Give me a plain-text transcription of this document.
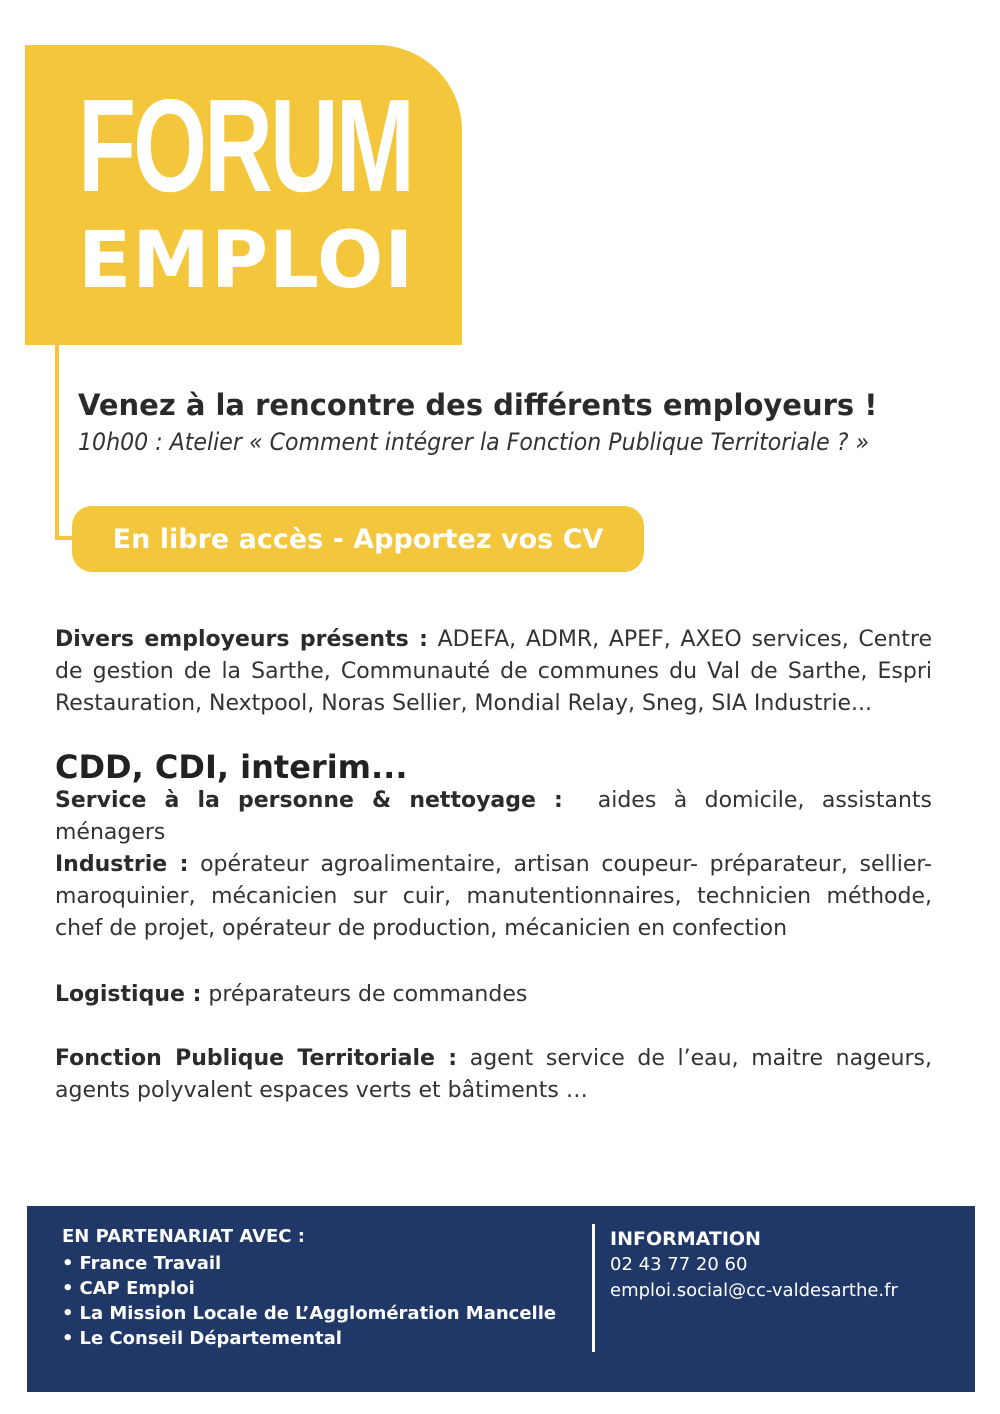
FORUM
EMPLOI

Venez à la rencontre des différents employeurs !

10h00 : Atelier « Comment intégrer la Fonction Publique Territoriale ? »

En libre accès - Apportez vos CV

Divers employeurs présents : ADEFA, ADMR, APEF, AXEO services, Centre de gestion de la Sarthe, Communauté de communes du Val de Sarthe, Espri Restauration, Nextpool, Noras Sellier, Mondial Relay, Sneg, SIA Industrie...

CDD, CDI, interim...

Service à la personne & nettoyage : aides à domicile, assistants ménagers

Industrie : opérateur agroalimentaire, artisan coupeur- préparateur, sellier-maroquinier, mécanicien sur cuir, manutentionnaires, technicien méthode, chef de projet, opérateur de production, mécanicien en confection

Logistique : préparateurs de commandes

Fonction Publique Territoriale : agent service de l’eau, maitre nageurs, agents polyvalent espaces verts et bâtiments …

EN PARTENARIAT AVEC :

• France Travail
• CAP Emploi
• La Mission Locale de L’Agglomération Mancelle
• Le Conseil Départemental

INFORMATION

02 43 77 20 60

emploi.social@cc-valdesarthe.fr
